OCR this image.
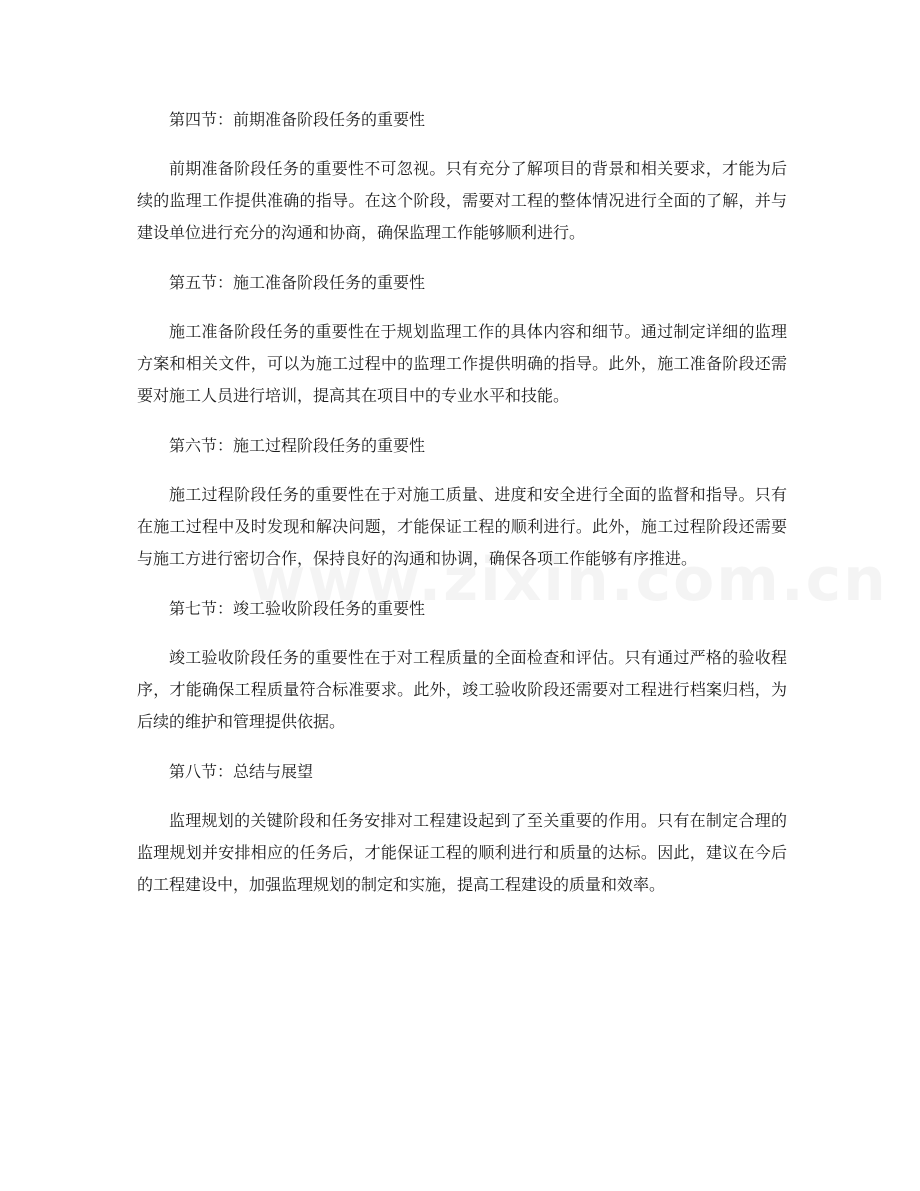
第四节：前期准备阶段任务的重要性

前期准备阶段任务的重要性不可忽视。只有充分了解项目的背景和相关要求，才能为后续的监理工作提供准确的指导。在这个阶段，需要对工程的整体情况进行全面的了解，并与建设单位进行充分的沟通和协商，确保监理工作能够顺利进行。

第五节：施工准备阶段任务的重要性

施工准备阶段任务的重要性在于规划监理工作的具体内容和细节。通过制定详细的监理方案和相关文件，可以为施工过程中的监理工作提供明确的指导。此外，施工准备阶段还需要对施工人员进行培训，提高其在项目中的专业水平和技能。

第六节：施工过程阶段任务的重要性

施工过程阶段任务的重要性在于对施工质量、进度和安全进行全面的监督和指导。只有在施工过程中及时发现和解决问题，才能保证工程的顺利进行。此外，施工过程阶段还需要与施工方进行密切合作，保持良好的沟通和协调，确保各项工作能够有序推进。

第七节：竣工验收阶段任务的重要性

竣工验收阶段任务的重要性在于对工程质量的全面检查和评估。只有通过严格的验收程序，才能确保工程质量符合标准要求。此外，竣工验收阶段还需要对工程进行档案归档，为后续的维护和管理提供依据。

第八节：总结与展望

监理规划的关键阶段和任务安排对工程建设起到了至关重要的作用。只有在制定合理的监理规划并安排相应的任务后，才能保证工程的顺利进行和质量的达标。因此，建议在今后的工程建设中，加强监理规划的制定和实施，提高工程建设的质量和效率。
